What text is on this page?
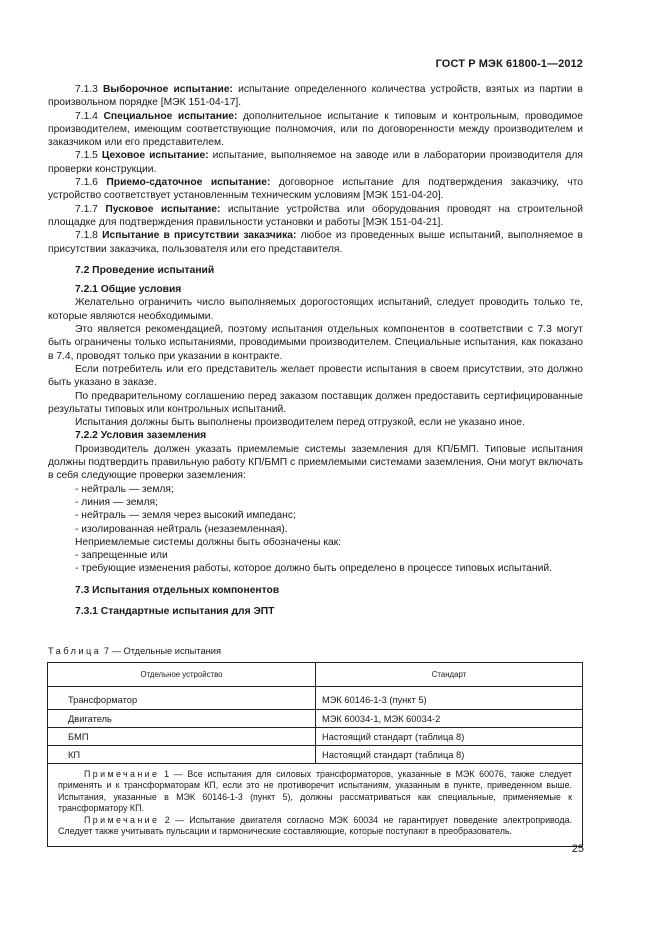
ГОСТ Р МЭК 61800-1—2012

7.1.3 Выборочное испытание: испытание определенного количества устройств, взятых из партии в произвольном порядке [МЭК 151-04-17].

7.1.4 Специальное испытание: дополнительное испытание к типовым и контрольным, проводимое производителем, имеющим соответствующие полномочия, или по договоренности между производителем и заказчиком или его представителем.

7.1.5 Цеховое испытание: испытание, выполняемое на заводе или в лаборатории производителя для проверки конструкции.

7.1.6 Приемо-сдаточное испытание: договорное испытание для подтверждения заказчику, что устройство соответствует установленным техническим условиям [МЭК 151-04-20].

7.1.7 Пусковое испытание: испытание устройства или оборудования проводят на строительной площадке для подтверждения правильности установки и работы [МЭК 151-04-21].

7.1.8 Испытание в присутствии заказчика: любое из проведенных выше испытаний, выполняемое в присутствии заказчика, пользователя или его представителя.

7.2 Проведение испытаний

7.2.1 Общие условия

Желательно ограничить число выполняемых дорогостоящих испытаний, следует проводить только те, которые являются необходимыми.

Это является рекомендацией, поэтому испытания отдельных компонентов в соответствии с 7.3 могут быть ограничены только испытаниями, проводимыми производителем. Специальные испытания, как показано в 7.4, проводят только при указании в контракте.

Если потребитель или его представитель желает провести испытания в своем присутствии, это должно быть указано в заказе.

По предварительному соглашению перед заказом поставщик должен предоставить сертифицированные результаты типовых или контрольных испытаний.

Испытания должны быть выполнены производителем перед отгрузкой, если не указано иное.

7.2.2 Условия заземления

Производитель должен указать приемлемые системы заземления для КП/БМП. Типовые испытания должны подтвердить правильную работу КП/БМП с приемлемыми системами заземления. Они могут включать в себя следующие проверки заземления:

- нейтраль — земля;

- линия — земля;

- нейтраль — земля через высокий импеданс;

- изолированная нейтраль (незаземленная).

Неприемлемые системы должны быть обозначены как:

- запрещенные или

- требующие изменения работы, которое должно быть определено в процессе типовых испытаний.

7.3 Испытания отдельных компонентов

7.3.1 Стандартные испытания для ЭПТ

Таблица 7 — Отдельные испытания
Отдельное устройство	Стандарт
Трансформатор	МЭК 60146-1-3 (пункт 5)
Двигатель	МЭК 60034-1, МЭК 60034-2
БМП	Настоящий стандарт (таблица 8)
КП	Настоящий стандарт (таблица 8)

Примечание 1 — Все испытания для силовых трансформаторов, указанные в МЭК 60076, также следует применять и к трансформаторам КП, если это не противоречит испытаниям, указанным в пункте, приведенном выше. Испытания, указанные в МЭК 60146-1-3 (пункт 5), должны рассматриваться как специальные, применяемые к трансформатору КП.

Примечание 2 — Испытание двигателя согласно МЭК 60034 не гарантирует поведение электропривода. Следует также учитывать пульсации и гармонические составляющие, которые поступают в преобразователь.	

25
